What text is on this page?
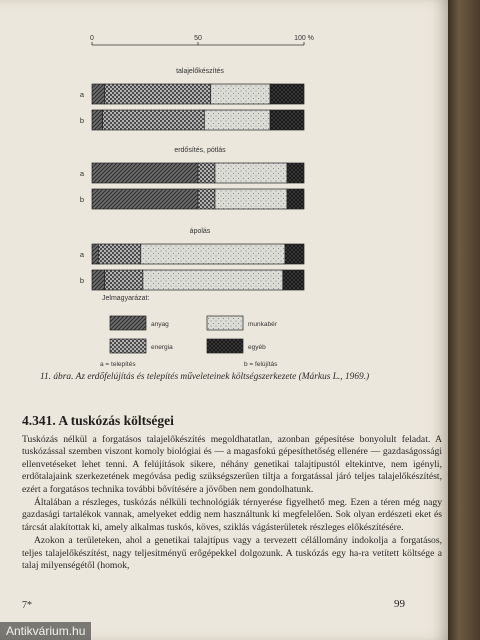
0	50	100 %
talajelőkészítés
a
b
erdősítés, pótlás
a
b
ápolás
a
b
Jelmagyarázat:
anyag
energia
munkabér
egyéb
a = telepítés	b = felújítás
11. ábra. Az erdőfelújítás és telepítés műveleteinek költségszerkezete (Márkus L., 1969.)
4.341. A tuskózás költségei

Tuskózás nélkül a forgatásos talajelőkészítés megoldhatatlan, azonban gépesítése bonyolult feladat. A tuskózással szemben viszont komoly biológiai és — a magasfokú gépesíthetőség ellenére — gazdaságossági ellenvetéseket lehet tenni. A felújítások sikere, néhány genetikai talajtípustól eltekintve, nem igényli, erdőtalajaink szerkezetének megóvása pedig szükségszerűen tiltja a forgatással járó teljes talajelőkészítést, ezért a forgatásos technika további bővítésére a jövőben nem gondolhatunk.

Általában a részleges, tuskózás nélküli technológiák térnyerése figyelhető meg. Ezen a téren még nagy gazdasági tartalékok vannak, amelyeket eddig nem használtunk ki megfelelően. Sok olyan erdészeti eket és tárcsát alakítottak ki, amely alkalmas tuskós, köves, sziklás vágásterületek részleges előkészítésére.

Azokon a területeken, ahol a genetikai talajtípus vagy a tervezett célállomány indokolja a forgatásos, teljes talajelőkészítést, nagy teljesítményű erőgépekkel dolgozunk. A tuskózás egy ha-ra vetített költsége a talaj milyenségétől (homok,

7*	99
Antikvárium.hu
